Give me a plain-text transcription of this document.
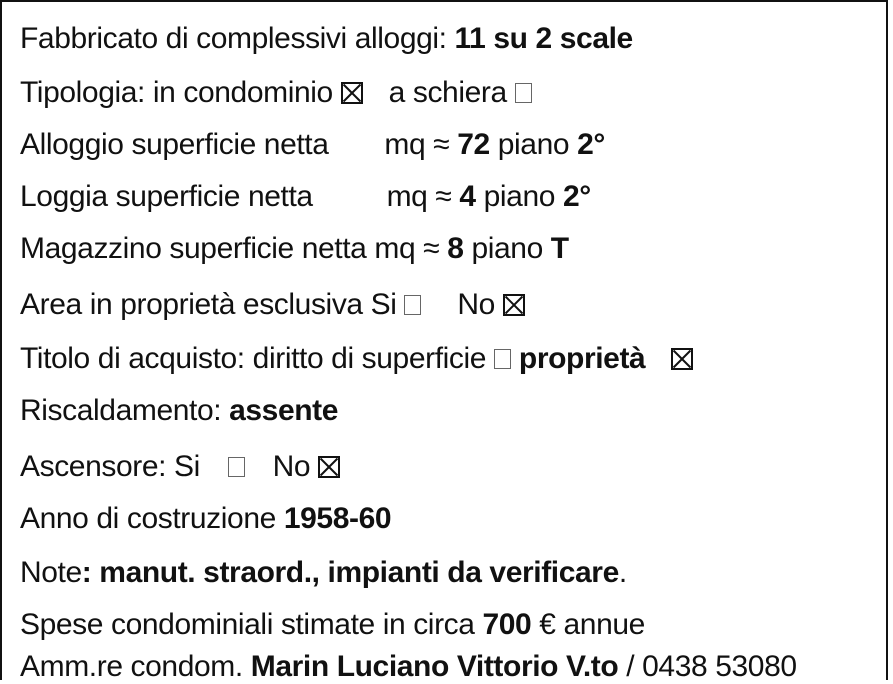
Fabbricato di complessivi alloggi: 11 su 2 scale
Tipologia: in condominio a schiera
Alloggio superficie netta mq ≈ 72 piano 2°
Loggia superficie netta mq ≈ 4 piano 2°
Magazzino superficie netta mq ≈ 8 piano T
Area in proprietà esclusiva Si No
Titolo di acquisto: diritto di superficie proprietà
Riscaldamento: assente
Ascensore: Si No
Anno di costruzione 1958-60
Note: manut. straord., impianti da verificare.
Spese condominiali stimate in circa 700 € annue
Amm.re condom. Marin Luciano Vittorio V.to / 0438 53080
